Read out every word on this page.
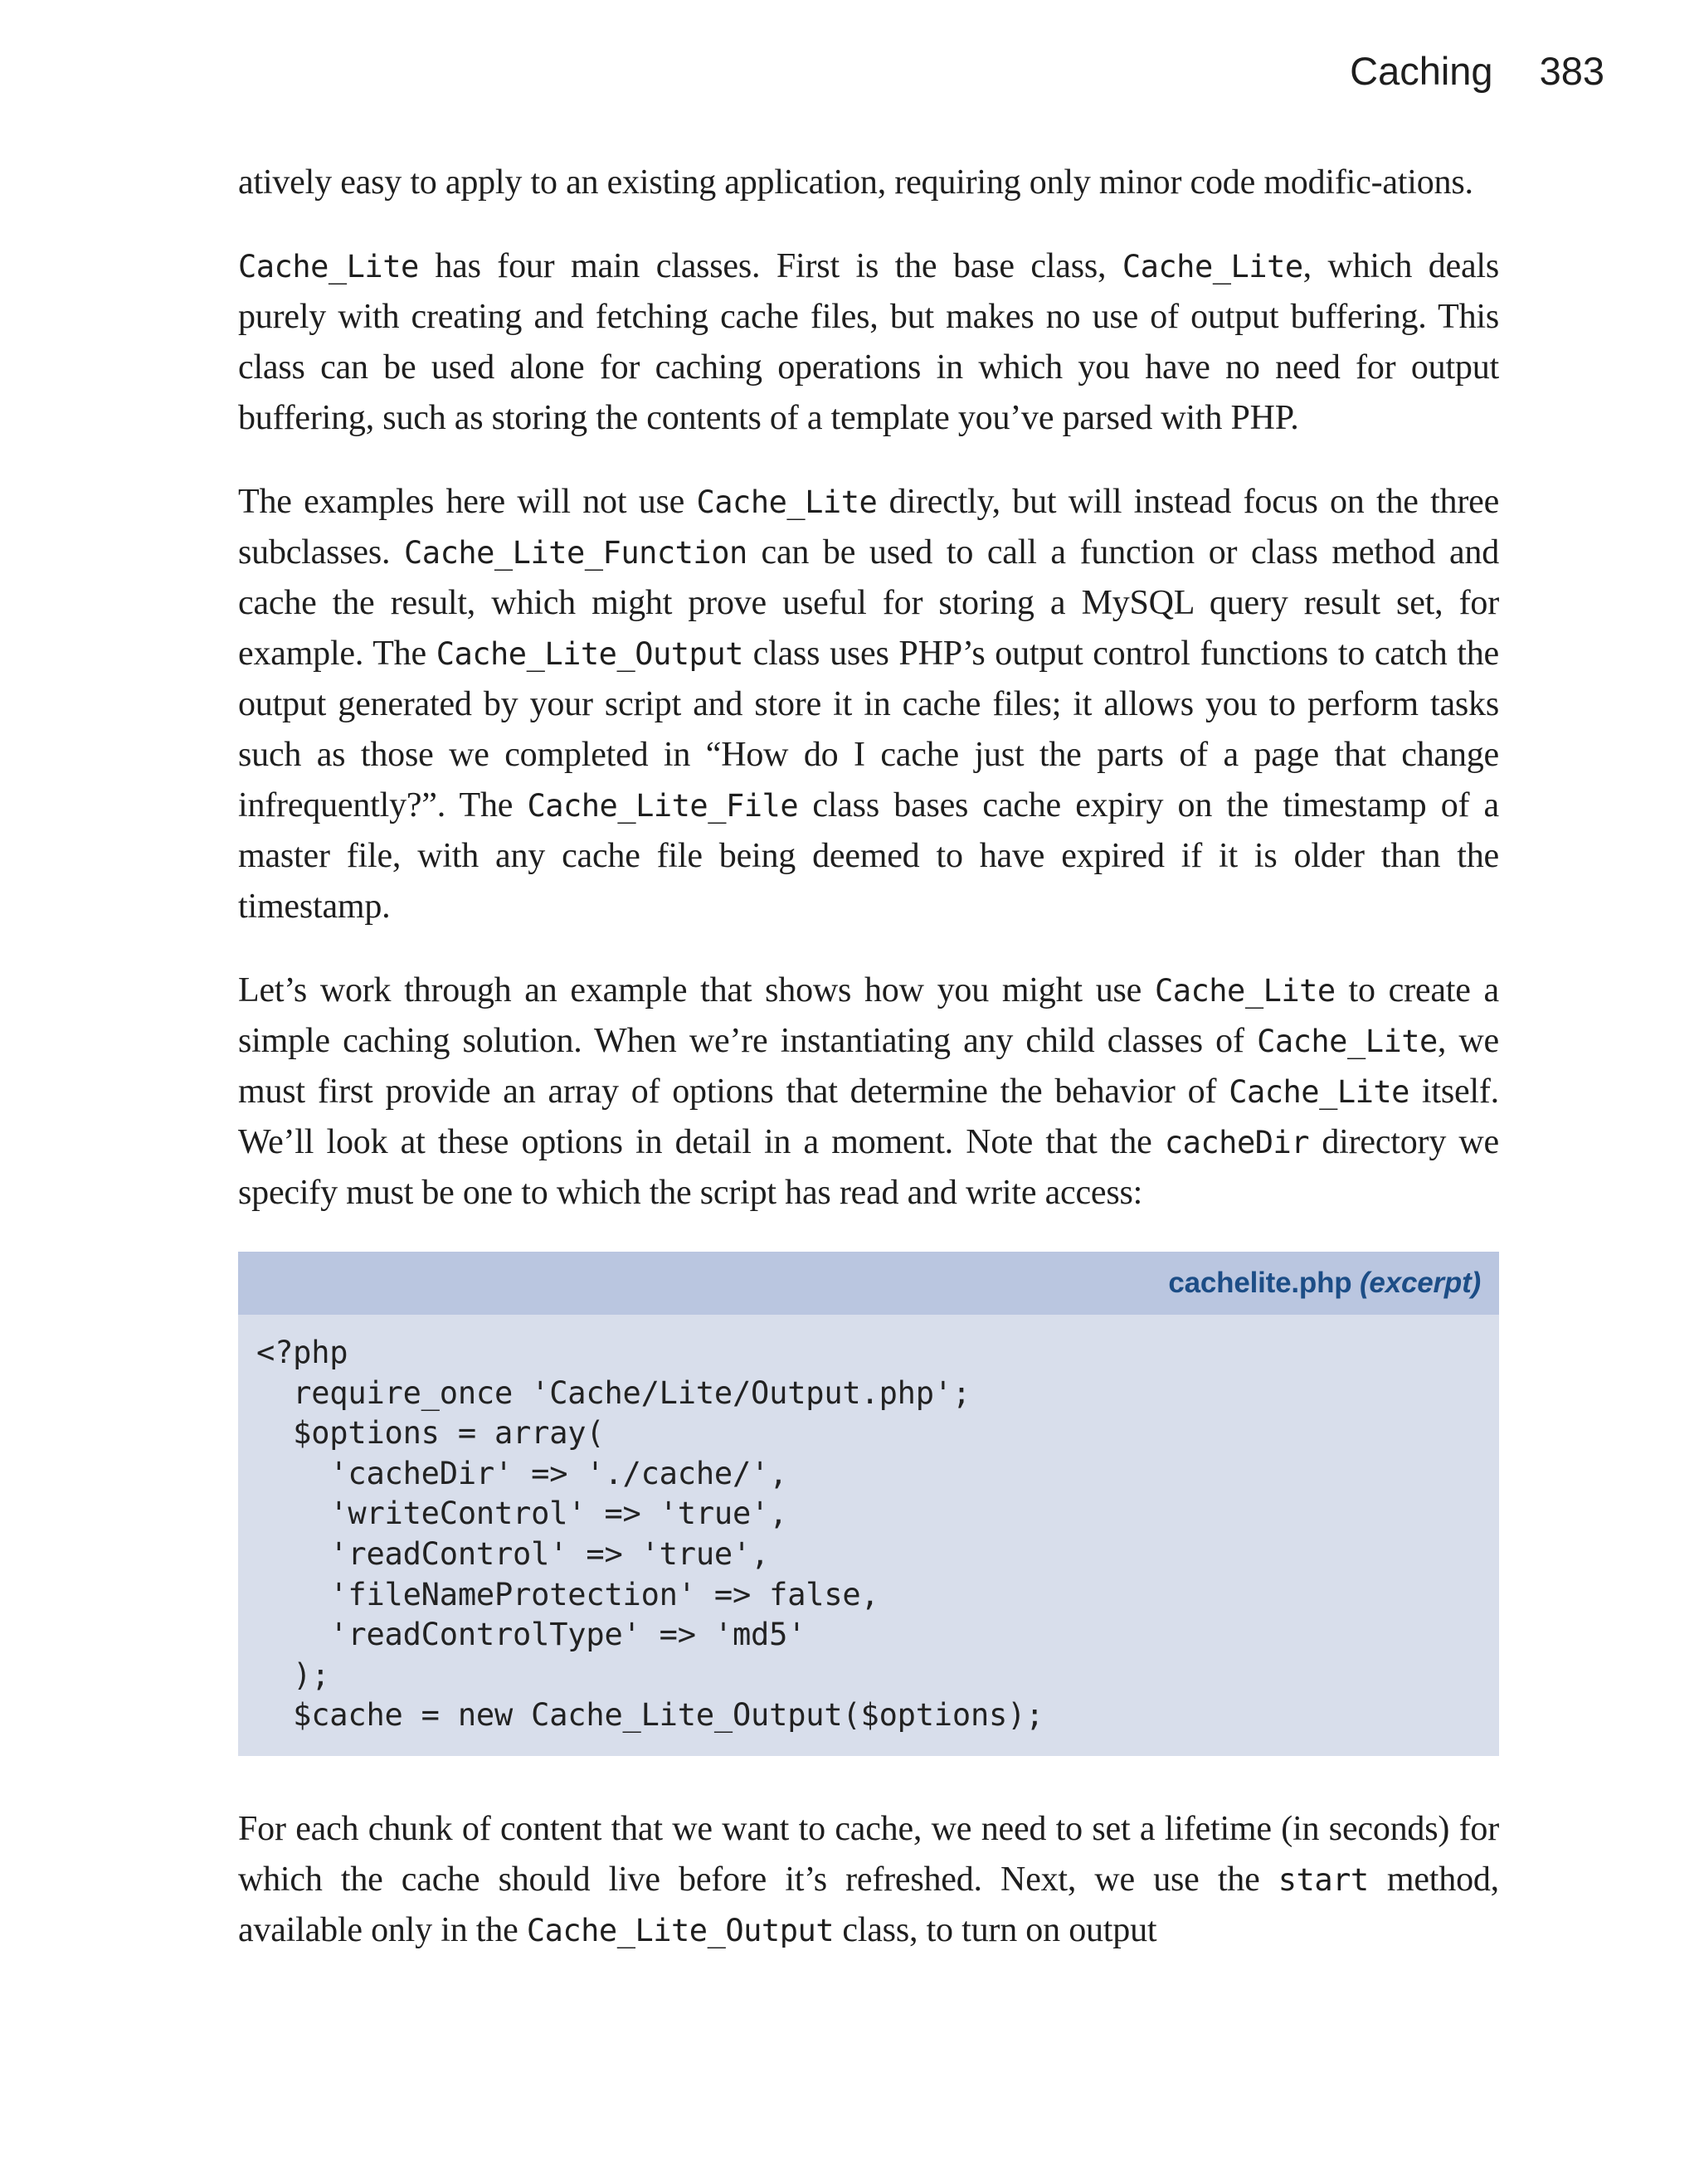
Caching 383

atively easy to apply to an existing application, requiring only minor code modific-ations.

Cache_Lite has four main classes. First is the base class, Cache_Lite, which deals purely with creating and fetching cache files, but makes no use of output buffering. This class can be used alone for caching operations in which you have no need for output buffering, such as storing the contents of a template you’ve parsed with PHP.

The examples here will not use Cache_Lite directly, but will instead focus on the three subclasses. Cache_Lite_Function can be used to call a function or class method and cache the result, which might prove useful for storing a MySQL query result set, for example. The Cache_Lite_Output class uses PHP’s output control functions to catch the output generated by your script and store it in cache files; it allows you to perform tasks such as those we completed in “How do I cache just the parts of a page that change infrequently?”. The Cache_Lite_File class bases cache expiry on the timestamp of a master file, with any cache file being deemed to have expired if it is older than the timestamp.

Let’s work through an example that shows how you might use Cache_Lite to create a simple caching solution. When we’re instantiating any child classes of Cache_Lite, we must first provide an array of options that determine the behavior of Cache_Lite itself. We’ll look at these options in detail in a moment. Note that the cacheDir directory we specify must be one to which the script has read and write access:

cachelite.php (excerpt)
<?php
require_once 'Cache/Lite/Output.php';
$options = array(
'cacheDir' => './cache/',
'writeControl' => 'true',
'readControl' => 'true',
'fileNameProtection' => false,
'readControlType' => 'md5'
);
$cache = new Cache_Lite_Output($options);

For each chunk of content that we want to cache, we need to set a lifetime (in seconds) for which the cache should live before it’s refreshed. Next, we use the start method, available only in the Cache_Lite_Output class, to turn on output
